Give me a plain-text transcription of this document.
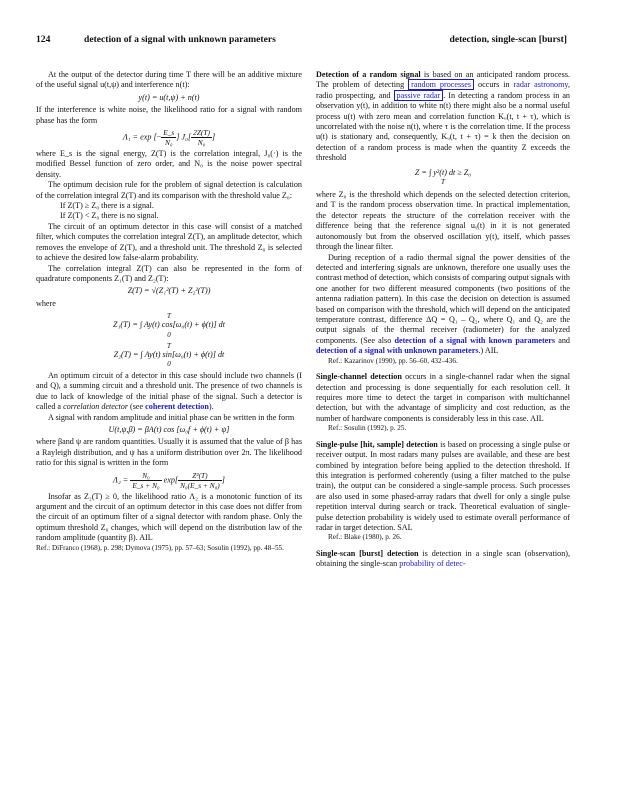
124	detection of a signal with unknown parameters	detection, single-scan [burst]

At the output of the detector during time T there will be an additive mixture of the useful signal u(t,ψ) and interference n(t):

y(t) = u(t,ψ) + n(t)

If the interference is white noise, the likelihood ratio for a signal with random phase has the form

Λ₁ = exp [− $\frac{E\_s}{\text{N₀}}$ ] $J_0[ \frac{2Z(T)}{\text{N₀}}$ ]

where E_s is the signal energy, Z(T) is the correlation integral, J₀(·) is the modified Bessel function of zero order, and N₀ is the noise power spectral density.

The optimum decision rule for the problem of signal detection is calculation of the correlation integral Z(T) and its comparison with the threshold value Z₀:

If Z(T) ≥ Z₀ there is a signal.

If Z(T) < Z₀ there is no signal.

The circuit of an optimum detector in this case will consist of a matched filter, which computes the correlation integral Z(T), an amplitude detector, which removes the envelope of Z(T), and a threshold unit. The threshold Z₀ is selected to achieve the desired low false-alarm probability.

The correlation integral Z(T) can also be represented in the form of quadrature components Z₁(T) and Z₂(T):

Z(T) = √(Z₁²(T) + Z₂²(T))

where

T
Z₁(T) = ∫ Ay(t) cos[ω₀(t) + ϕ(t)] dt
0
T
Z₂(T) = ∫ Ay(t) sin[ω₀(t) + ϕ(t)] dt
0

An optimum circuit of a detector in this case should include two channels (I and Q), a summing circuit and a threshold unit. The presence of two channels is due to lack of knowledge of the initial phase of the signal. Such a detector is called a correlation detector (see coherent detection).

A signal with random amplitude and initial phase can be written in the form

U(t,ψ,β) = βA(t) cos [ω₀f + ϕ(t) + ψ]

where βand ψ are random quantities. Usually it is assumed that the value of β has a Rayleigh distribution, and ψ has a uniform distribution over 2π. The likelihood ratio for this signal is written in the form

$\Lambda_2 = \frac{\text{N₀}}{\text{E\_s + N₀}} \exp[ \frac{\text{Z²(T)}}{\text{N₀(E\_s + N₀)}}$ ]

Insofar as Z₂(T) ≥ 0, the likelihood ratio Λ₂ is a monotonic function of its argument and the circuit of an optimum detector in this case does not differ from the circuit of an optimum filter of a signal detector with random phase. Only the optimum threshold Z₀ changes, which will depend on the distribution law of the random amplitude (quantity β). AIL

Ref.: DiFranco (1968), p. 298; Dymova (1975), pp. 57–63; Sosulin (1992), pp. 48–55.

Detection of a random signal is based on an anticipated random process. The problem of detecting random processes occurs in radar astronomy, radio prospecting, and passive radar . In detecting a random process in an observation y(t), in addition to white n(t) there might also be a normal useful process u(t) with zero mean and correlation function Kᵤ(t, t + τ), which is uncorrelated with the noise n(t), where τ is the correlation time. If the process u(t) is stationary and, consequently, Kᵤ(t, t + τ) = k then the decision on detection of a random process is made when the quantity Z exceeds the threshold

Z = ∫ y²(t) dt ≥ Z₀
T

where Z₀ is the threshold which depends on the selected detection criterion, and T is the random process observation time. In practical implementation, the detector repeats the structure of the correlation receiver with the difference being that the reference signal uᵧ(t) in it is not generated autonomously but from the observed oscillation y(t), itself, which passes through the linear filter.

During reception of a radio thermal signal the power densities of the detected and interfering signals are unknown, therefore one usually uses the contrast method of detection, which consists of comparing output signals with one another for two different measured components (two positions of the antenna radiation pattern). In this case the decision on detection is assumed based on comparison with the threshold, which will depend on the anticipated temperature contrast, difference ΔQ = Q₁ – Q₂, where Q₁ and Q₂ are the output signals of the thermal receiver (radiometer) for the analyzed components. (See also detection of a signal with known parameters and detection of a signal with unknown parameters.) AIL

Ref.: Kazarinov (1990), pp. 56–60, 432–436.

Single-channel detection occurs in a single-channel radar when the signal detection and processing is done sequentially for each resolution cell. It requires more time to detect the target in comparison with multichannel detection, but with the advantage of simplicity and cost reduction, as the number of hardware components is considerably less in this case. AIL

Ref.: Sosulin (1992), p. 25.

Single-pulse [hit, sample] detection is based on processing a single pulse or receiver output. In most radars many pulses are available, and these are best combined by integration before being applied to the detection threshold. If this integration is performed coherently (using a filter matched to the pulse train), the output can be considered a single-sample process. Such processes are also used in some phased-array radars that dwell for only a single pulse repetition interval during search or track. Theoretical evaluation of single-pulse detection probability is widely used to estimate overall performance of radar in target detection. SAL

Ref.: Blake (1980), p. 26.

Single-scan [burst] detection is detection in a single scan (observation), obtaining the single-scan probability of detec-
